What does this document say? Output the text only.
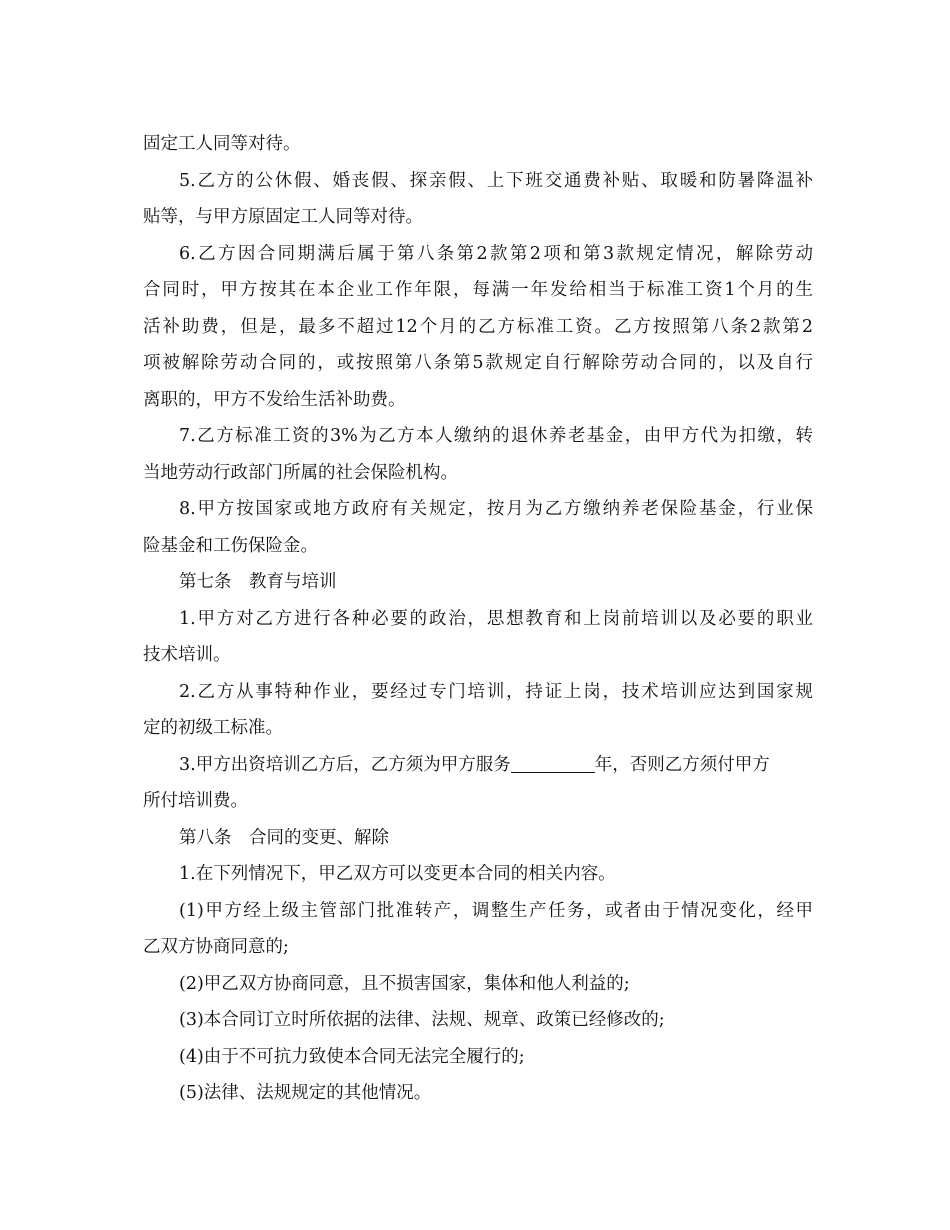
固定工人同等对待。
5.乙方的公休假、婚丧假、探亲假、上下班交通费补贴、取暖和防暑降温补
贴等，与甲方原固定工人同等对待。
6.乙方因合同期满后属于第八条第2款第2项和第3款规定情况，解除劳动
合同时，甲方按其在本企业工作年限，每满一年发给相当于标准工资1个月的生
活补助费，但是，最多不超过12个月的乙方标准工资。乙方按照第八条2款第2
项被解除劳动合同的，或按照第八条第5款规定自行解除劳动合同的，以及自行
离职的，甲方不发给生活补助费。
7.乙方标准工资的3%为乙方本人缴纳的退休养老基金，由甲方代为扣缴，转
当地劳动行政部门所属的社会保险机构。
8.甲方按国家或地方政府有关规定，按月为乙方缴纳养老保险基金，行业保
险基金和工伤保险金。
第七条　教育与培训
1.甲方对乙方进行各种必要的政治，思想教育和上岗前培训以及必要的职业
技术培训。
2.乙方从事特种作业，要经过专门培训，持证上岗，技术培训应达到国家规
定的初级工标准。
3.甲方出资培训乙方后，乙方须为甲方服务	年，否则乙方须付甲方
所付培训费。
第八条　合同的变更、解除
1.在下列情况下，甲乙双方可以变更本合同的相关内容。
(1)甲方经上级主管部门批准转产，调整生产任务，或者由于情况变化，经甲
乙双方协商同意的;
(2)甲乙双方协商同意，且不损害国家，集体和他人利益的;
(3)本合同订立时所依据的法律、法规、规章、政策已经修改的;
(4)由于不可抗力致使本合同无法完全履行的;
(5)法律、法规规定的其他情况。
